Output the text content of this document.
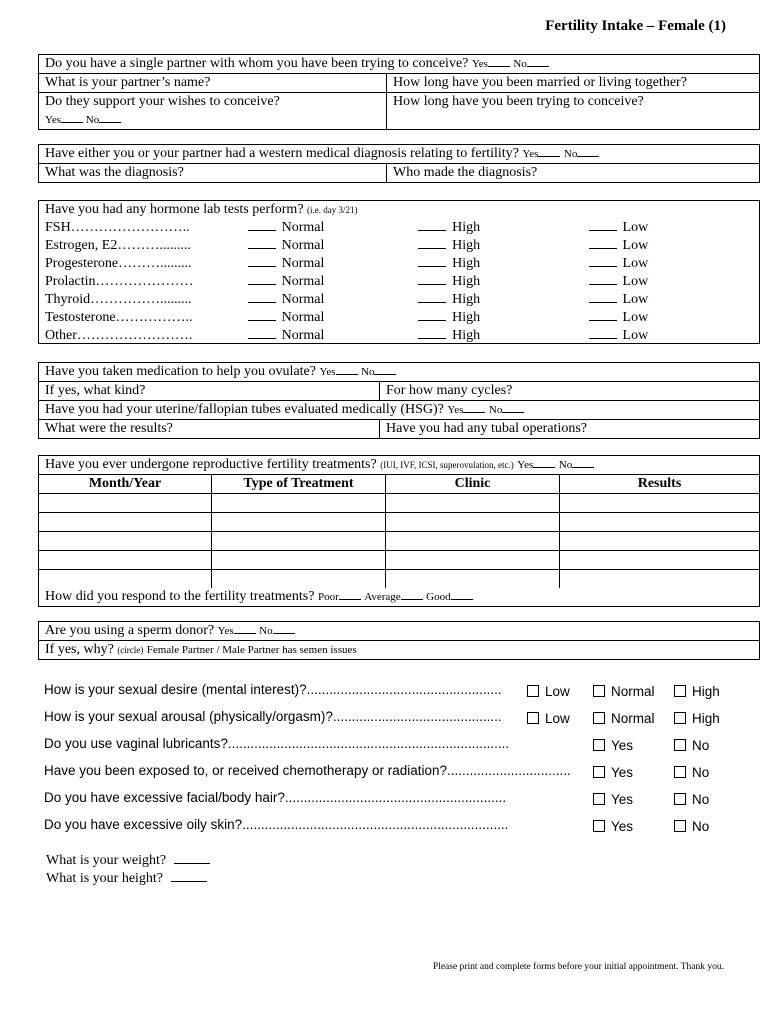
Fertility Intake – Female (1)
Do you have a single partner with whom you have been trying to conceive? Yes No
What is your partner’s name?	How long have you been married or living together?
Do they support your wishes to conceive?
Yes No
How long have you been trying to conceive?
Have either you or your partner had a western medical diagnosis relating to fertility? Yes No
What was the diagnosis?	Who made the diagnosis?
Have you had any hormone lab tests perform? (i.e. day 3/21)
FSH……………………..	Normal	High	Low
Estrogen, E2……….........	Normal	High	Low
Progesterone……….........	Normal	High	Low
Prolactin…………………	Normal	High	Low
Thyroid…………….........	Normal	High	Low
Testosterone……………..	Normal	High	Low
Other…………………….	Normal	High	Low
Have you taken medication to help you ovulate? Yes No
If yes, what kind?	For how many cycles?
Have you had your uterine/fallopian tubes evaluated medically (HSG)? Yes No
What were the results?	Have you had any tubal operations?
Have you ever undergone reproductive fertility treatments? (IUI, IVF, ICSI, superovulation, etc.) Yes No
Month/Year	Type of Treatment	Clinic	Results
How did you respond to the fertility treatments? Poor Average Good
Are you using a sperm donor? Yes No
If yes, why? (circle) Female Partner / Male Partner has semen issues
How is your sexual desire (mental interest)?....................................................	Low	Normal	High
How is your sexual arousal (physically/orgasm)?.............................................	Low	Normal	High
Do you use vaginal lubricants?...........................................................................	Yes	No
Have you been exposed to, or received chemotherapy or radiation?.................................	Yes	No
Do you have excessive facial/body hair?...........................................................	Yes	No
Do you have excessive oily skin?.......................................................................	Yes	No
What is your weight?
What is your height?
Please print and complete forms before your initial appointment. Thank you.
